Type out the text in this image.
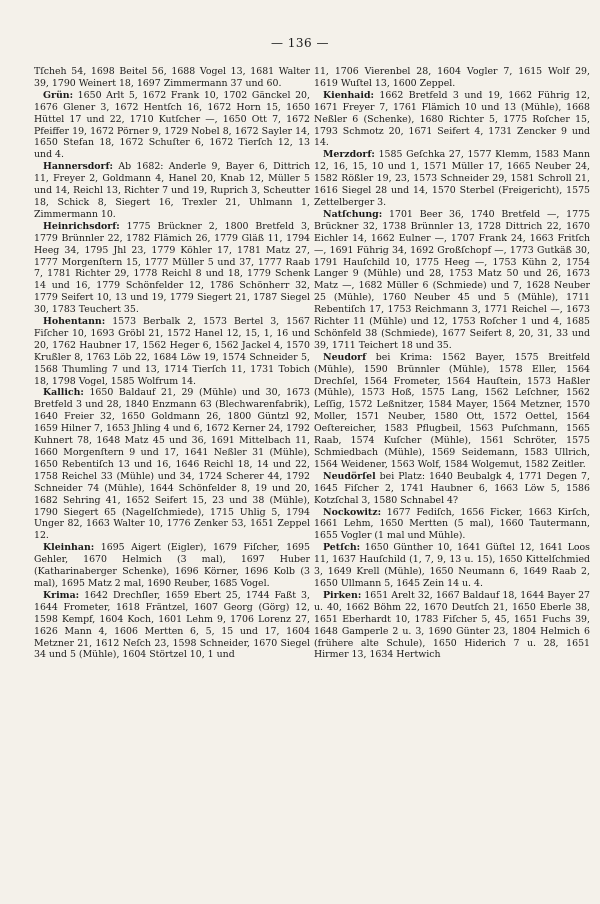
— 136 —

Tſcheh 54, 1698 Beitel 56, 1688 Vogel 13, 1681 Walter 39, 1790 Weinert 18, 1697 Zimmermann 37 und 60.

Grün: 1650 Arlt 5, 1672 Frank 10, 1702 Gänckel 20, 1676 Glener 3, 1672 Hentſch 16, 1672 Horn 15, 1650 Hüttel 17 und 22, 1710 Kutſcher —, 1650 Ott 7, 1672 Pfeiffer 19, 1672 Pörner 9, 1729 Nobel 8, 1672 Sayler 14, 1650 Stefan 18, 1672 Schuſter 6, 1672 Tierſch 12, 13 und 4.

Hannersdorf: Ab 1682: Anderle 9, Bayer 6, Dittrich 11, Freyer 2, Goldmann 4, Hanel 20, Knab 12, Müller 5 und 14, Reichl 13, Richter 7 und 19, Ruprich 3, Scheutter 18, Schick 8, Siegert 16, Trexler 21, Uhlmann 1, Zimmermann 10.

Heinrichsdorf: 1775 Brückner 2, 1800 Bretfeld 3, 1779 Brünnler 22, 1782 Flämich 26, 1779 Gläß 11, 1794 Heeg 34, 1795 Jhl 23, 1779 Köhler 17, 1781 Matz 27, 1777 Morgenſtern 15, 1777 Müller 5 und 37, 1777 Raab 7, 1781 Richter 29, 1778 Reichl 8 und 18, 1779 Schenk 14 und 16, 1779 Schönfelder 12, 1786 Schönherr 32, 1779 Seifert 10, 13 und 19, 1779 Siegert 21, 1787 Siegel 30, 1783 Teuchert 35.

Hohentann: 1573 Berbalk 2, 1573 Bertel 3, 1567 Fiſcher 10, 1693 Gröbl 21, 1572 Hanel 12, 15, 1, 16 und 20, 1762 Haubner 17, 1562 Heger 6, 1562 Jackel 4, 1570 Krußler 8, 1763 Löb 22, 1684 Löw 19, 1574 Schneider 5, 1568 Thumling 7 und 13, 1714 Tierſch 11, 1731 Tobich 18, 1798 Vogel, 1585 Wolfrum 14.

Kallich: 1650 Baldauf 21, 29 (Mühle) und 30, 1673 Bretfeld 3 und 28, 1840 Enzmann 63 (Blechwarenfabrik), 1640 Freier 32, 1650 Goldmann 26, 1800 Güntzl 92, 1659 Hilner 7, 1653 Jhling 4 und 6, 1672 Kerner 24, 1792 Kuhnert 78, 1648 Matz 45 und 36, 1691 Mittelbach 11, 1660 Morgenſtern 9 und 17, 1641 Neßler 31 (Mühle), 1650 Rebentiſch 13 und 16, 1646 Reichl 18, 14 und 22, 1758 Reichel 33 (Mühle) und 34, 1724 Scherer 44, 1792 Schneider 74 (Mühle), 1644 Schönfelder 8, 19 und 20, 1682 Sehring 41, 1652 Seifert 15, 23 und 38 (Mühle), 1790 Siegert 65 (Nagelſchmiede), 1715 Uhlig 5, 1794 Unger 82, 1663 Walter 10, 1776 Zenker 53, 1651 Zeppel 12.

Kleinhan: 1695 Aigert (Eigler), 1679 Fiſcher, 1695 Gehler, 1670 Helmich (3 mal), 1697 Huber (Katharinaberger Schenke), 1696 Körner, 1696 Kolb (3 mal), 1695 Matz 2 mal, 1690 Reuber, 1685 Vogel.

Krima: 1642 Drechſler, 1659 Ebert 25, 1744 Faßt 3, 1644 Frometer, 1618 Fräntzel, 1607 Georg (Görg) 12, 1598 Kempf, 1604 Koch, 1601 Lehm 9, 1706 Lorenz 27, 1626 Mann 4, 1606 Mertten 6, 5, 15 und 17, 1604 Metzner 21, 1612 Neſch 23, 1598 Schneider, 1670 Siegel 34 und 5 (Mühle), 1604 Störtzel 10, 1 und

11, 1706 Vierenbel 28, 1604 Vogler 7, 1615 Wolf 29, 1619 Wuſtel 13, 1600 Zeppel.

Kienhaid: 1662 Bretfeld 3 und 19, 1662 Führig 12, 1671 Freyer 7, 1761 Flämich 10 und 13 (Mühle), 1668 Neßler 6 (Schenke), 1680 Richter 5, 1775 Roſcher 15, 1793 Schmotz 20, 1671 Seifert 4, 1731 Zencker 9 und 14.

Merzdorf: 1585 Geſchka 27, 1577 Klemm, 1583 Mann 12, 16, 15, 10 und 1, 1571 Müller 17, 1665 Neuber 24, 1582 Rößler 19, 23, 1573 Schneider 29, 1581 Schroll 21, 1616 Siegel 28 und 14, 1570 Sterbel (Freigericht), 1575 Zettelberger 3.

Natſchung: 1701 Beer 36, 1740 Bretfeld —, 1775 Brückner 32, 1738 Brünnler 13, 1728 Dittrich 22, 1670 Eichler 14, 1662 Eulner —, 1707 Frank 24, 1663 Fritſch —, 1691 Führig 34, 1692 Großſchopf —, 1773 Gutkäß 30, 1791 Hauſchild 10, 1775 Heeg —, 1753 Kühn 2, 1754 Langer 9 (Mühle) und 28, 1753 Matz 50 und 26, 1673 Matz —, 1682 Müller 6 (Schmiede) und 7, 1628 Neuber 25 (Mühle), 1760 Neuber 45 und 5 (Mühle), 1711 Rebentiſch 17, 1753 Reichmann 3, 1771 Reichel —, 1673 Richter 11 (Mühle) und 12, 1753 Roſcher 1 und 4, 1685 Schönfeld 38 (Schmiede), 1677 Seifert 8, 20, 31, 33 und 39, 1711 Teichert 18 und 35.

Neudorf bei Krima: 1562 Bayer, 1575 Breitfeld (Mühle), 1590 Brünnler (Mühle), 1578 Eller, 1564 Drechſel, 1564 Frometer, 1564 Hauſtein, 1573 Haßler (Mühle), 1573 Hoß, 1575 Lang, 1562 Leſchner, 1562 Leſſig, 1572 Leßnitzer, 1584 Mayer, 1564 Metzner, 1570 Moller, 1571 Neuber, 1580 Ott, 1572 Oettel, 1564 Oeſtereicher, 1583 Pflugbeil, 1563 Puſchmann, 1565 Raab, 1574 Kuſcher (Mühle), 1561 Schröter, 1575 Schmiedbach (Mühle), 1569 Seidemann, 1583 Ullrich, 1564 Weidener, 1563 Wolf, 1584 Wolgemut, 1582 Zeitler.

Neudörſel bei Platz: 1640 Beubalgk 4, 1771 Degen 7, 1645 Fiſcher 2, 1741 Haubner 6, 1663 Löw 5, 1586 Kotzſchal 3, 1580 Schnabel 4?

Nockowitz: 1677 Fediſch, 1656 Ficker, 1663 Kirſch, 1661 Lehm, 1650 Mertten (5 mal), 1660 Tautermann, 1655 Vogler (1 mal und Mühle).

Petſch: 1650 Günther 10, 1641 Güſtel 12, 1641 Loos 11, 1637 Hauſchild (1, 7, 9, 13 u. 15), 1650 Kittelſchmied 3, 1649 Krell (Mühle), 1650 Neumann 6, 1649 Raab 2, 1650 Ullmann 5, 1645 Zein 14 u. 4.

Pirken: 1651 Arelt 32, 1667 Baldauf 18, 1644 Bayer 27 u. 40, 1662 Böhm 22, 1670 Deutſch 21, 1650 Eberle 38, 1651 Eberhardt 10, 1783 Fiſcher 5, 45, 1651 Fuchs 39, 1648 Gamperle 2 u. 3, 1690 Günter 23, 1804 Helmich 6 (frühere alte Schule), 1650 Hiderich 7 u. 28, 1651 Hirmer 13, 1634 Hertwich
